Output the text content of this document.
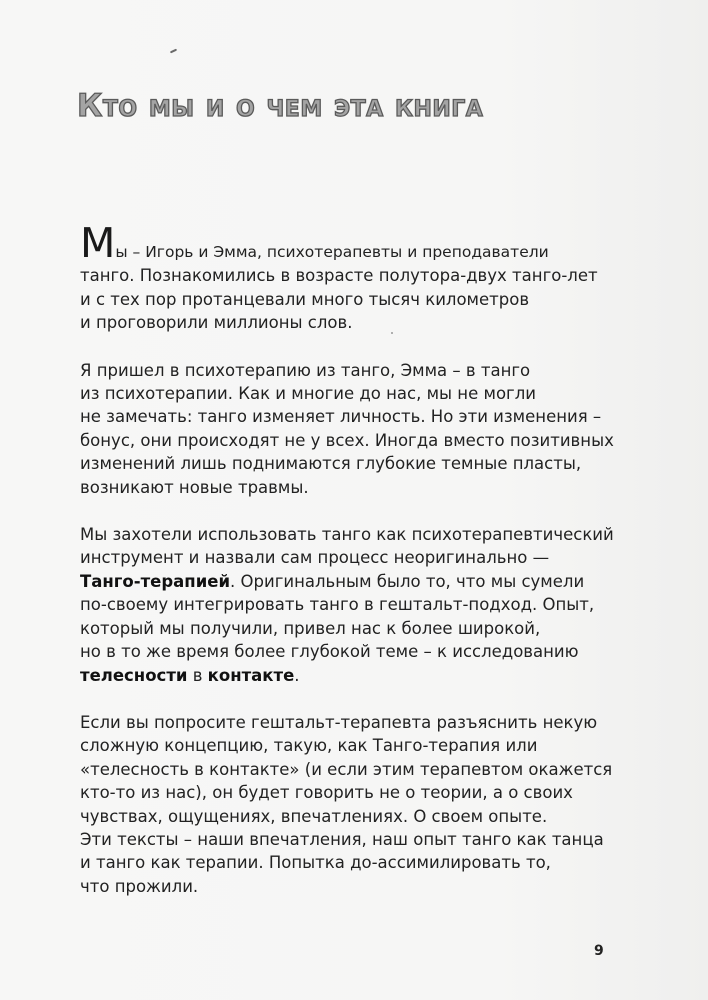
Кто мы и о чем эта книга

Мы – Игорь и Эмма, психотерапевты и преподаватели
танго. Познакомились в возрасте полутора-двух танго-лет
и с тех пор протанцевали много тысяч километров
и проговорили миллионы слов.

Я пришел в психотерапию из танго, Эмма – в танго
из психотерапии. Как и многие до нас, мы не могли
не замечать: танго изменяет личность. Но эти изменения –
бонус, они происходят не у всех. Иногда вместо позитивных
изменений лишь поднимаются глубокие темные пласты,
возникают новые травмы.

Мы захотели использовать танго как психотерапевтический
инструмент и назвали сам процесс неоригинально —
Танго-терапией. Оригинальным было то, что мы сумели
по-своему интегрировать танго в гештальт-подход. Опыт,
который мы получили, привел нас к более широкой,
но в то же время более глубокой теме – к исследованию
телесности в контакте.

Если вы попросите гештальт-терапевта разъяснить некую
сложную концепцию, такую, как Танго-терапия или
«телесность в контакте» (и если этим терапевтом окажется
кто-то из нас), он будет говорить не о теории, а о своих
чувствах, ощущениях, впечатлениях. О своем опыте.
Эти тексты – наши впечатления, наш опыт танго как танца
и танго как терапии. Попытка до-ассимилировать то,
что прожили.

9
